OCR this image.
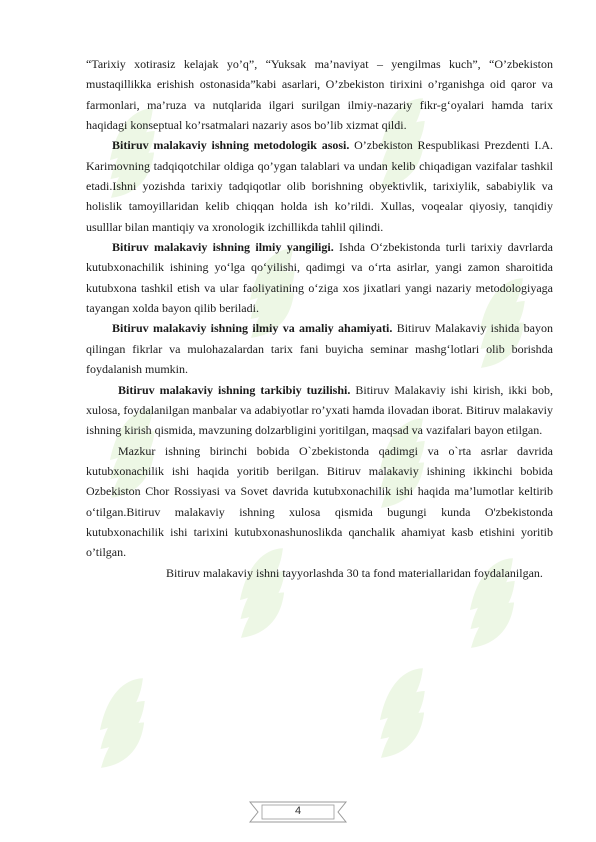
“Tarixiy xotirasiz kelajak yo’q”, “Yuksak ma’naviyat – yengilmas kuch”, “O’zbekiston mustaqillikka erishish ostonasida”kabi asarlari, O’zbekiston tirixini o’rganishga oid qaror va farmonlari, ma’ruza va nutqlarida ilgari surilgan ilmiy-nazariy fikr-g‘oyalari hamda tarix haqidagi konseptual ko’rsatmalari nazariy asos bo’lib xizmat qildi.

Bitiruv malakaviy ishning metodologik asosi. O’zbekiston Respublikasi Prezdenti I.A. Karimovning tadqiqotchilar oldiga qo’ygan talablari va undan kelib chiqadigan vazifalar tashkil etadi.Ishni yozishda tarixiy tadqiqotlar olib borishning obyektivlik, tarixiylik, sababiylik va holislik tamoyillaridan kelib chiqqan holda ish ko’rildi. Xullas, voqealar qiyosiy, tanqidiy usulllar bilan mantiqiy va xronologik izchillikda tahlil qilindi.

Bitiruv malakaviy ishning ilmiy yangiligi. Ishda O‘zbekistonda turli tarixiy davrlarda kutubxonachilik ishining yo‘lga qo‘yilishi, qadimgi va o‘rta asirlar, yangi zamon sharoitida kutubxona tashkil etish va ular faoliyatining o‘ziga xos jixatlari yangi nazariy metodologiyaga tayangan xolda bayon qilib beriladi.

Bitiruv malakaviy ishning ilmiy va amaliy ahamiyati. Bitiruv Malakaviy ishida bayon qilingan fikrlar va mulohazalardan tarix fani buyicha seminar mashg‘lotlari olib borishda foydalanish mumkin.

Bitiruv malakaviy ishning tarkibiy tuzilishi. Bitiruv Malakaviy ishi kirish, ikki bob, xulosa, foydalanilgan manbalar va adabiyotlar ro’yxati hamda ilovadan iborat. Bitiruv malakaviy ishning kirish qismida, mavzuning dolzarbligini yoritilgan, maqsad va vazifalari bayon etilgan.

Mazkur ishning birinchi bobida O`zbekistonda qadimgi va o`rta asrlar davrida kutubxonachilik ishi haqida yoritib berilgan. Bitiruv malakaviy ishining ikkinchi bobida Ozbekiston Chor Rossiyasi va Sovet davrida kutubxonachilik ishi haqida ma’lumotlar keltirib o‘tilgan.Bitiruv malakaviy ishning xulosa qismida bugungi kunda O'zbekistonda kutubxonachilik ishi tarixini kutubxonashunoslikda qanchalik ahamiyat kasb etishini yoritib o’tilgan.

Bitiruv malakaviy ishni tayyorlashda 30 ta fond materiallaridan foydalanilgan.

4
